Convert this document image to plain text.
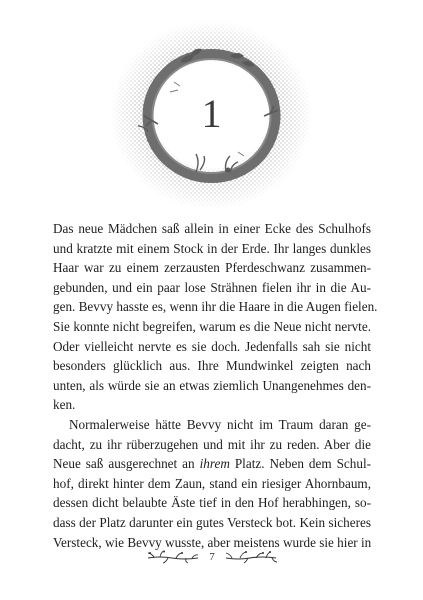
1
Das neue Mädchen saß allein in einer Ecke des Schulhofs
und kratzte mit einem Stock in der Erde. Ihr langes dunkles
Haar war zu einem zerzausten Pferdeschwanz zusammen-
gebunden, und ein paar lose Strähnen fielen ihr in die Au-
gen. Bevvy hasste es, wenn ihr die Haare in die Augen fielen.
Sie konnte nicht begreifen, warum es die Neue nicht nervte.
Oder vielleicht nervte es sie doch. Jedenfalls sah sie nicht
besonders glücklich aus. Ihre Mundwinkel zeigten nach
unten, als würde sie an etwas ziemlich Unangenehmes den-
ken.
Normalerweise hätte Bevvy nicht im Traum daran ge-
dacht, zu ihr rüberzugehen und mit ihr zu reden. Aber die
Neue saß ausgerechnet an ihrem Platz. Neben dem Schul-
hof, direkt hinter dem Zaun, stand ein riesiger Ahornbaum,
dessen dicht belaubte Äste tief in den Hof herabhingen, so-
dass der Platz darunter ein gutes Versteck bot. Kein sicheres
Versteck, wie Bevvy wusste, aber meistens wurde sie hier in
7
